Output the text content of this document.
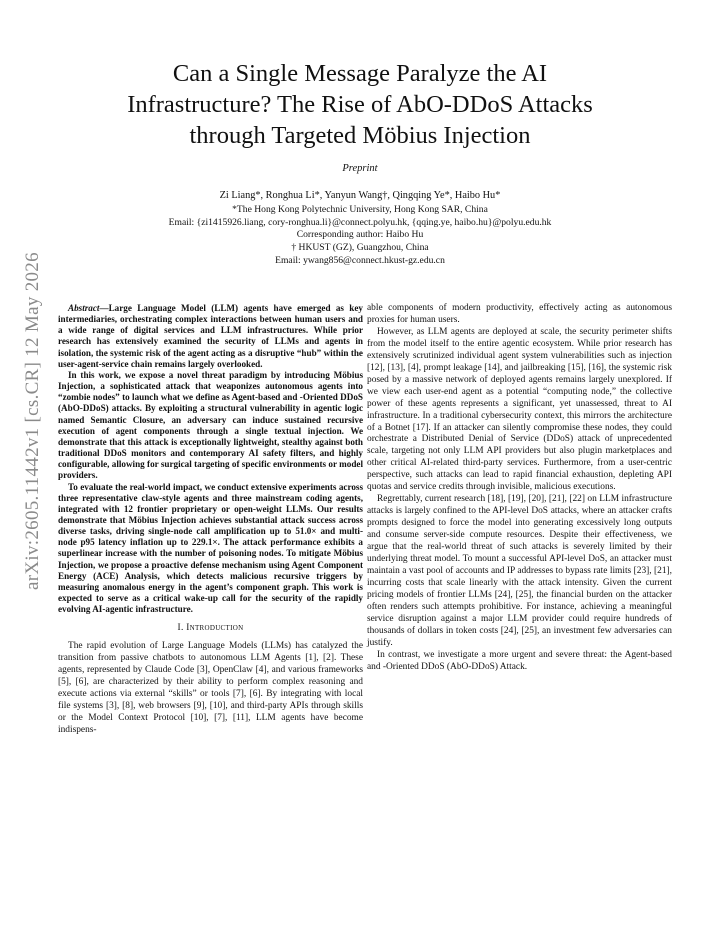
Can a Single Message Paralyze the AI
Infrastructure? The Rise of AbO-DDoS Attacks
through Targeted Möbius Injection
Preprint
Zi Liang*, Ronghua Li*, Yanyun Wang†, Qingqing Ye*, Haibo Hu*
*The Hong Kong Polytechnic University, Hong Kong SAR, China
Email: {zi1415926.liang, cory-ronghua.li}@connect.polyu.hk, {qqing.ye, haibo.hu}@polyu.edu.hk
Corresponding author: Haibo Hu
† HKUST (GZ), Guangzhou, China
Email: ywang856@connect.hkust-gz.edu.cn
arXiv:2605.11442v1 [cs.CR] 12 May 2026	Abstract—Large Language Model (LLM) agents have emerged as key intermediaries, orchestrating complex interactions between human users and a wide range of digital services and LLM infrastructures. While prior research has extensively examined the security of LLMs and agents in isolation, the systemic risk of the agent acting as a disruptive “hub” within the user-agent-service chain remains largely overlooked.

In this work, we expose a novel threat paradigm by introducing Möbius Injection, a sophisticated attack that weaponizes autonomous agents into “zombie nodes” to launch what we define as Agent-based and -Oriented DDoS (AbO-DDoS) attacks. By exploiting a structural vulnerability in agentic logic named Semantic Closure, an adversary can induce sustained recursive execution of agent components through a single textual injection. We demonstrate that this attack is exceptionally lightweight, stealthy against both traditional DDoS monitors and contemporary AI safety filters, and highly configurable, allowing for surgical targeting of specific environments or model providers.

To evaluate the real-world impact, we conduct extensive experiments across three representative claw-style agents and three mainstream coding agents, integrated with 12 frontier proprietary or open-weight LLMs. Our results demonstrate that Möbius Injection achieves substantial attack success across diverse tasks, driving single-node call amplification up to 51.0× and multi-node p95 latency inflation up to 229.1×. The attack performance exhibits a superlinear increase with the number of poisoning nodes. To mitigate Möbius Injection, we propose a proactive defense mechanism using Agent Component Energy (ACE) Analysis, which detects malicious recursive triggers by measuring anomalous energy in the agent’s component graph. This work is expected to serve as a critical wake-up call for the security of the rapidly evolving AI-agentic infrastructure.

I. Introduction

The rapid evolution of Large Language Models (LLMs) has catalyzed the transition from passive chatbots to autonomous LLM Agents [1], [2]. These agents, represented by Claude Code [3], OpenClaw [4], and various frameworks [5], [6], are characterized by their ability to perform complex reasoning and execute actions via external “skills” or tools [7], [6]. By integrating with local file systems [3], [8], web browsers [9], [10], and third-party APIs through skills or the Model Context Protocol [10], [7], [11], LLM agents have become indispens-

able components of modern productivity, effectively acting as autonomous proxies for human users.

However, as LLM agents are deployed at scale, the security perimeter shifts from the model itself to the entire agentic ecosystem. While prior research has extensively scrutinized individual agent system vulnerabilities such as injection [12], [13], [4], prompt leakage [14], and jailbreaking [15], [16], the systemic risk posed by a massive network of deployed agents remains largely unexplored. If we view each user-end agent as a potential “computing node,” the collective power of these agents represents a significant, yet unassessed, threat to AI infrastructure. In a traditional cybersecurity context, this mirrors the architecture of a Botnet [17]. If an attacker can silently compromise these nodes, they could orchestrate a Distributed Denial of Service (DDoS) attack of unprecedented scale, targeting not only LLM API providers but also plugin marketplaces and other critical AI-related third-party services. Furthermore, from a user-centric perspective, such attacks can lead to rapid financial exhaustion, depleting API quotas and service credits through invisible, malicious executions.

Regrettably, current research [18], [19], [20], [21], [22] on LLM infrastructure attacks is largely confined to the API-level DoS attacks, where an attacker crafts prompts designed to force the model into generating excessively long outputs and consume server-side compute resources. Despite their effectiveness, we argue that the real-world threat of such attacks is severely limited by their underlying threat model. To mount a successful API-level DoS, an attacker must maintain a vast pool of accounts and IP addresses to bypass rate limits [23], [21], incurring costs that scale linearly with the attack intensity. Given the current pricing models of frontier LLMs [24], [25], the financial burden on the attacker often renders such attempts prohibitive. For instance, achieving a meaningful service disruption against a major LLM provider could require hundreds of thousands of dollars in token costs [24], [25], an investment few adversaries can justify.

In contrast, we investigate a more urgent and severe threat: the Agent-based and -Oriented DDoS (AbO-DDoS) Attack.
